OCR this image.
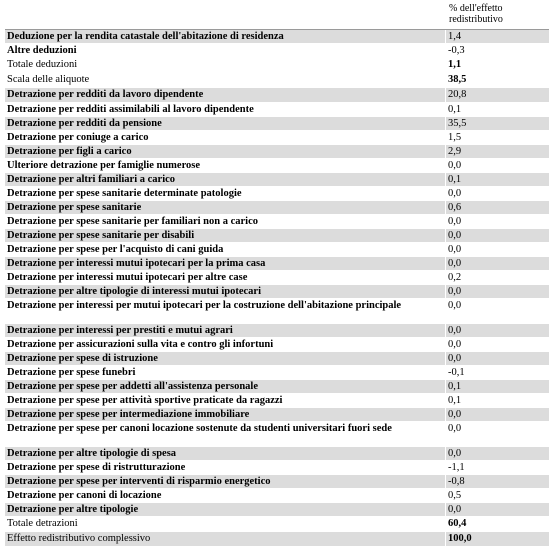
% dell'effetto
redistributivo
Deduzione per la rendita catastale dell'abitazione di residenza	1,4
Altre deduzioni	-0,3
Totale deduzioni	1,1
Scala delle aliquote	38,5
Detrazione per redditi da lavoro dipendente	20,8
Detrazione per redditi assimilabili al lavoro dipendente	0,1
Detrazione per redditi da pensione	35,5
Detrazione per coniuge a carico	1,5
Detrazione per figli a carico	2,9
Ulteriore detrazione per famiglie numerose	0,0
Detrazione per altri familiari a carico	0,1
Detrazione per spese sanitarie determinate patologie	0,0
Detrazione per spese sanitarie	0,6
Detrazione per spese sanitarie per familiari non a carico	0,0
Detrazione per spese sanitarie per disabili	0,0
Detrazione per spese per l'acquisto di cani guida	0,0
Detrazione per interessi mutui ipotecari per la prima casa	0,0
Detrazione per interessi mutui ipotecari per altre case	0,2
Detrazione per altre tipologie di interessi mutui ipotecari	0,0
Detrazione per interessi per mutui ipotecari per la costruzione dell'abitazione principale	0,0
Detrazione per interessi per prestiti e mutui agrari	0,0
Detrazione per assicurazioni sulla vita e contro gli infortuni	0,0
Detrazione per spese di istruzione	0,0
Detrazione per spese funebri	-0,1
Detrazione per spese per addetti all'assistenza personale	0,1
Detrazione per spese per attività sportive praticate da ragazzi	0,1
Detrazione per spese per intermediazione immobiliare	0,0
Detrazione per spese per canoni locazione sostenute da studenti universitari fuori sede	0,0
Detrazione per altre tipologie di spesa	0,0
Detrazione per spese di ristrutturazione	-1,1
Detrazione per spese per interventi di risparmio energetico	-0,8
Detrazione per canoni di locazione	0,5
Detrazione per altre tipologie	0,0
Totale detrazioni	60,4
Effetto redistributivo complessivo	100,0
